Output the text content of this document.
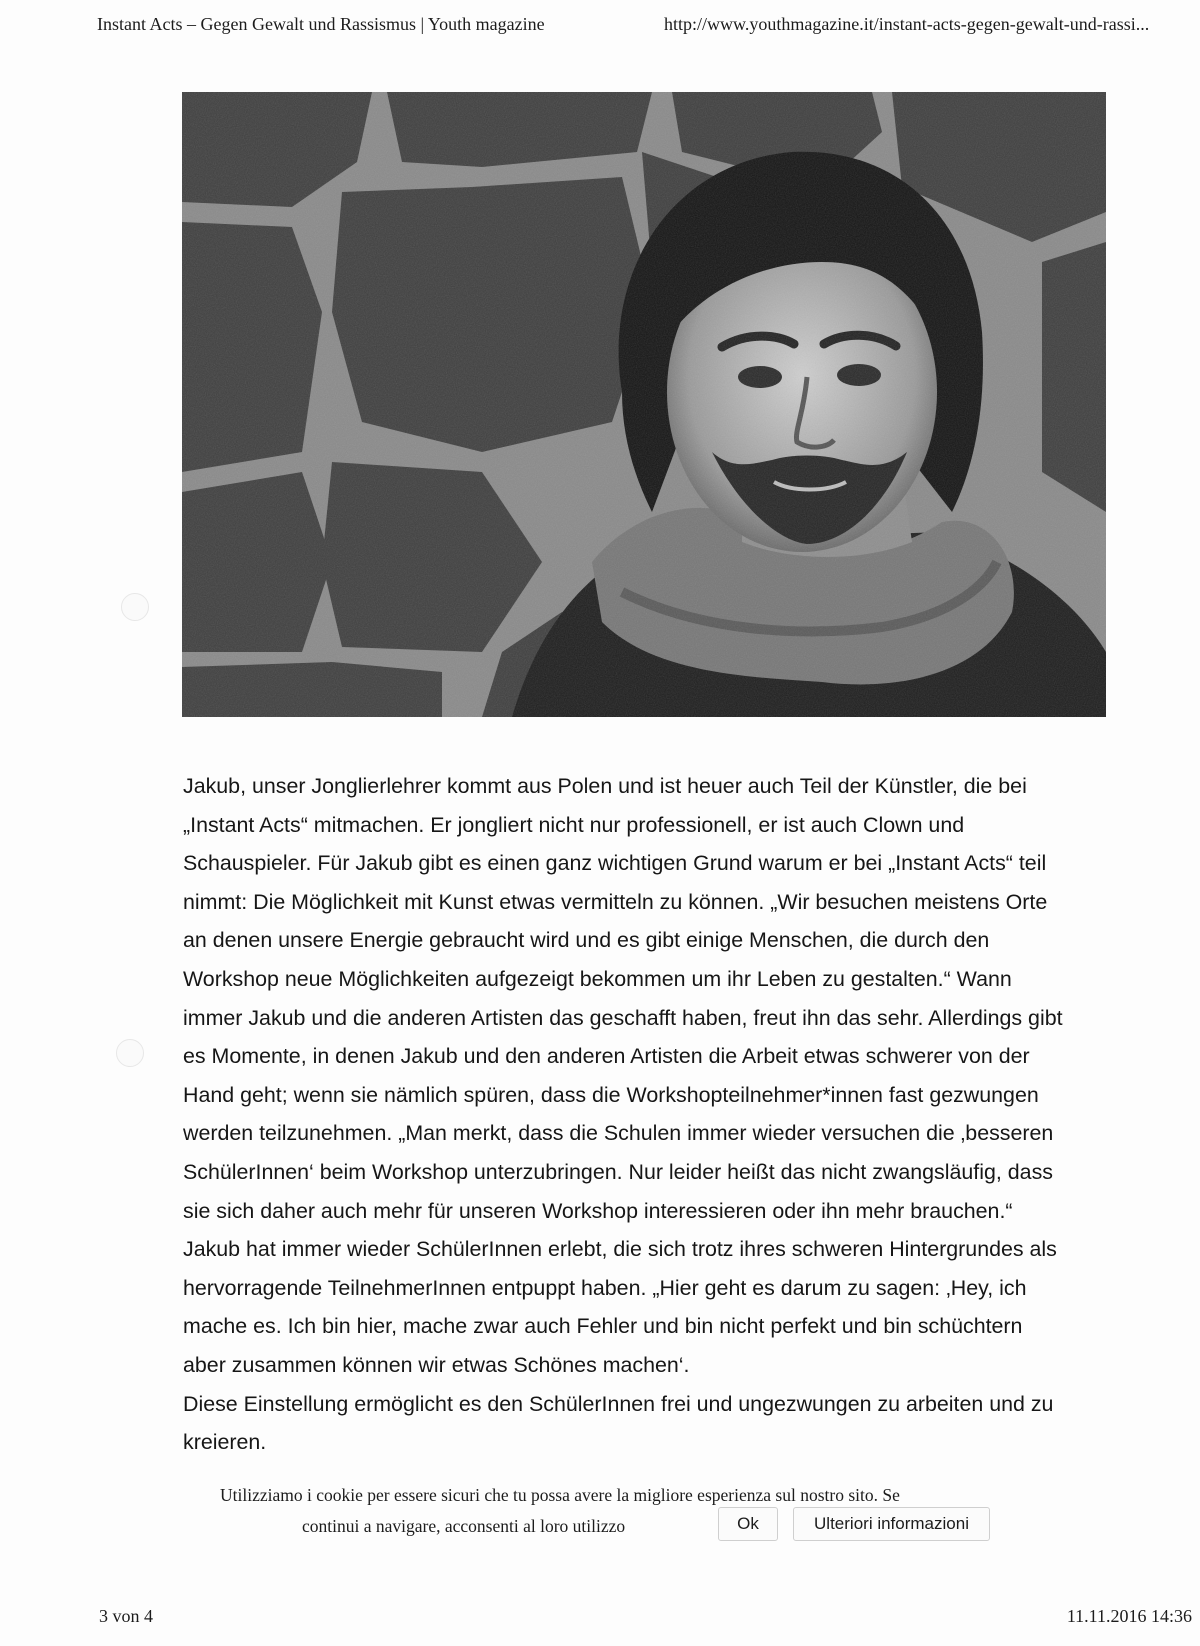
Instant Acts – Gegen Gewalt und Rassismus | Youth magazine	http://www.youthmagazine.it/instant-acts-gegen-gewalt-und-rassi...

Jakub, unser Jonglierlehrer kommt aus Polen und ist heuer auch Teil der Künstler, die bei

„Instant Acts“ mitmachen. Er jongliert nicht nur professionell, er ist auch Clown und

Schauspieler. Für Jakub gibt es einen ganz wichtigen Grund warum er bei „Instant Acts“ teil

nimmt: Die Möglichkeit mit Kunst etwas vermitteln zu können. „Wir besuchen meistens Orte

an denen unsere Energie gebraucht wird und es gibt einige Menschen, die durch den

Workshop neue Möglichkeiten aufgezeigt bekommen um ihr Leben zu gestalten.“ Wann

immer Jakub und die anderen Artisten das geschafft haben, freut ihn das sehr. Allerdings gibt

es Momente, in denen Jakub und den anderen Artisten die Arbeit etwas schwerer von der

Hand geht; wenn sie nämlich spüren, dass die Workshopteilnehmer*innen fast gezwungen

werden teilzunehmen. „Man merkt, dass die Schulen immer wieder versuchen die ‚besseren

SchülerInnen‘ beim Workshop unterzubringen. Nur leider heißt das nicht zwangsläufig, dass

sie sich daher auch mehr für unseren Workshop interessieren oder ihn mehr brauchen.“

Jakub hat immer wieder SchülerInnen erlebt, die sich trotz ihres schweren Hintergrundes als

hervorragende TeilnehmerInnen entpuppt haben. „Hier geht es darum zu sagen: ‚Hey, ich

mache es. Ich bin hier, mache zwar auch Fehler und bin nicht perfekt und bin schüchtern

aber zusammen können wir etwas Schönes machen‘.

Diese Einstellung ermöglicht es den SchülerInnen frei und ungezwungen zu arbeiten und zu

kreieren.

Utilizziamo i cookie per essere sicuri che tu possa avere la migliore esperienza sul nostro sito. Se
continui a navigare, acconsenti al loro utilizzo	Ok	Ulteriori informazioni
3 von 4	11.11.2016 14:36
